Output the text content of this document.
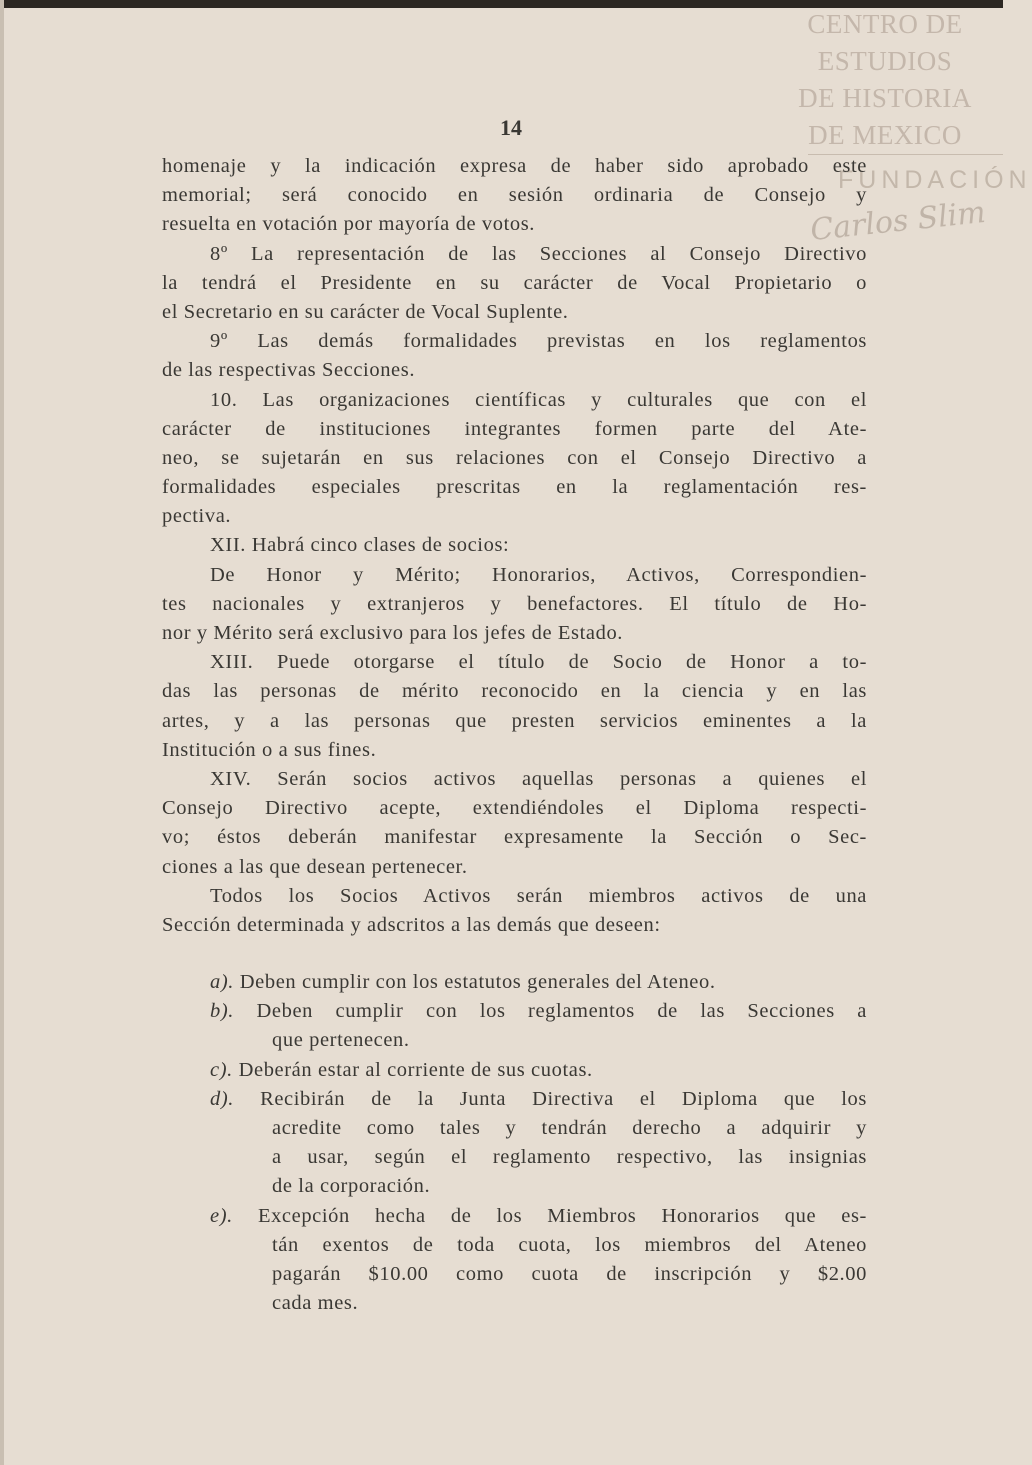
CENTRO DE
ESTUDIOS
DE HISTORIA
DE MEXICO
FUNDACIÓN
Carlos Slim
14
homenaje y la indicación expresa de haber sido aprobado este
memorial; será conocido en sesión ordinaria de Consejo y
resuelta en votación por mayoría de votos.
8º La representación de las Secciones al Consejo Directivo
la tendrá el Presidente en su carácter de Vocal Propietario o
el Secretario en su carácter de Vocal Suplente.
9º Las demás formalidades previstas en los reglamentos
de las respectivas Secciones.
10. Las organizaciones científicas y culturales que con el
carácter de instituciones integrantes formen parte del Ate-
neo, se sujetarán en sus relaciones con el Consejo Directivo a
formalidades especiales prescritas en la reglamentación res-
pectiva.
XII. Habrá cinco clases de socios:
De Honor y Mérito; Honorarios, Activos, Correspondien-
tes nacionales y extranjeros y benefactores. El título de Ho-
nor y Mérito será exclusivo para los jefes de Estado.
XIII. Puede otorgarse el título de Socio de Honor a to-
das las personas de mérito reconocido en la ciencia y en las
artes, y a las personas que presten servicios eminentes a la
Institución o a sus fines.
XIV. Serán socios activos aquellas personas a quienes el
Consejo Directivo acepte, extendiéndoles el Diploma respecti-
vo; éstos deberán manifestar expresamente la Sección o Sec-
ciones a las que desean pertenecer.
Todos los Socios Activos serán miembros activos de una
Sección determinada y adscritos a las demás que deseen:
a). Deben cumplir con los estatutos generales del Ateneo.
b). Deben cumplir con los reglamentos de las Secciones a
que pertenecen.
c). Deberán estar al corriente de sus cuotas.
d). Recibirán de la Junta Directiva el Diploma que los
acredite como tales y tendrán derecho a adquirir y
a usar, según el reglamento respectivo, las insignias
de la corporación.
e). Excepción hecha de los Miembros Honorarios que es-
tán exentos de toda cuota, los miembros del Ateneo
pagarán $10.00 como cuota de inscripción y $2.00
cada mes.
